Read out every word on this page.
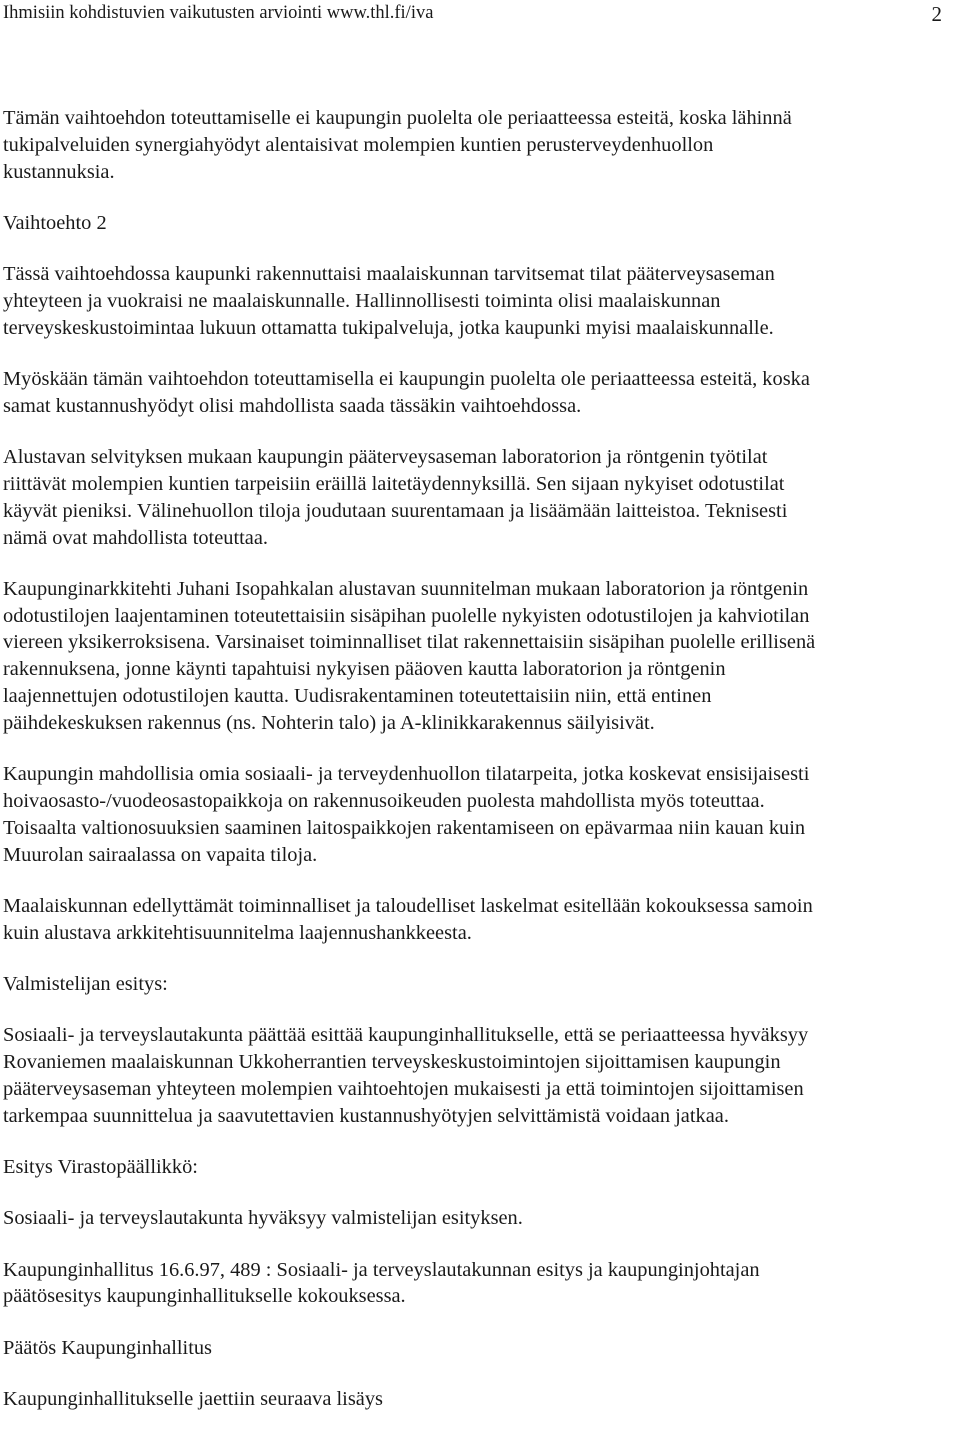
Ihmisiin kohdistuvien vaikutusten arviointi www.thl.fi/iva	2

Tämän vaihtoehdon toteuttamiselle ei kaupungin puolelta ole periaatteessa esteitä, koska lähinnä
tukipalveluiden synergiahyödyt alentaisivat molempien kuntien perusterveydenhuollon
kustannuksia.

Vaihtoehto 2

Tässä vaihtoehdossa kaupunki rakennuttaisi maalaiskunnan tarvitsemat tilat pääterveysaseman
yhteyteen ja vuokraisi ne maalaiskunnalle. Hallinnollisesti toiminta olisi maalaiskunnan
terveyskeskustoimintaa lukuun ottamatta tukipalveluja, jotka kaupunki myisi maalaiskunnalle.

Myöskään tämän vaihtoehdon toteuttamisella ei kaupungin puolelta ole periaatteessa esteitä, koska
samat kustannushyödyt olisi mahdollista saada tässäkin vaihtoehdossa.

Alustavan selvityksen mukaan kaupungin pääterveysaseman laboratorion ja röntgenin työtilat
riittävät molempien kuntien tarpeisiin eräillä laitetäydennyksillä. Sen sijaan nykyiset odotustilat
käyvät pieniksi. Välinehuollon tiloja joudutaan suurentamaan ja lisäämään laitteistoa. Teknisesti
nämä ovat mahdollista toteuttaa.

Kaupunginarkkitehti Juhani Isopahkalan alustavan suunnitelman mukaan laboratorion ja röntgenin
odotustilojen laajentaminen toteutettaisiin sisäpihan puolelle nykyisten odotustilojen ja kahviotilan
viereen yksikerroksisena. Varsinaiset toiminnalliset tilat rakennettaisiin sisäpihan puolelle erillisenä
rakennuksena, jonne käynti tapahtuisi nykyisen pääoven kautta laboratorion ja röntgenin
laajennettujen odotustilojen kautta. Uudisrakentaminen toteutettaisiin niin, että entinen
päihdekeskuksen rakennus (ns. Nohterin talo) ja A-klinikkarakennus säilyisivät.

Kaupungin mahdollisia omia sosiaali- ja terveydenhuollon tilatarpeita, jotka koskevat ensisijaisesti
hoivaosasto-/vuodeosastopaikkoja on rakennusoikeuden puolesta mahdollista myös toteuttaa.
Toisaalta valtionosuuksien saaminen laitospaikkojen rakentamiseen on epävarmaa niin kauan kuin
Muurolan sairaalassa on vapaita tiloja.

Maalaiskunnan edellyttämät toiminnalliset ja taloudelliset laskelmat esitellään kokouksessa samoin
kuin alustava arkkitehtisuunnitelma laajennushankkeesta.

Valmistelijan esitys:

Sosiaali- ja terveyslautakunta päättää esittää kaupunginhallitukselle, että se periaatteessa hyväksyy
Rovaniemen maalaiskunnan Ukkoherrantien terveyskeskustoimintojen sijoittamisen kaupungin
pääterveysaseman yhteyteen molempien vaihtoehtojen mukaisesti ja että toimintojen sijoittamisen
tarkempaa suunnittelua ja saavutettavien kustannushyötyjen selvittämistä voidaan jatkaa.

Esitys Virastopäällikkö:

Sosiaali- ja terveyslautakunta hyväksyy valmistelijan esityksen.

Kaupunginhallitus 16.6.97, 489 : Sosiaali- ja terveyslautakunnan esitys ja kaupunginjohtajan
päätösesitys kaupunginhallitukselle kokouksessa.

Päätös Kaupunginhallitus

Kaupunginhallitukselle jaettiin seuraava lisäys
